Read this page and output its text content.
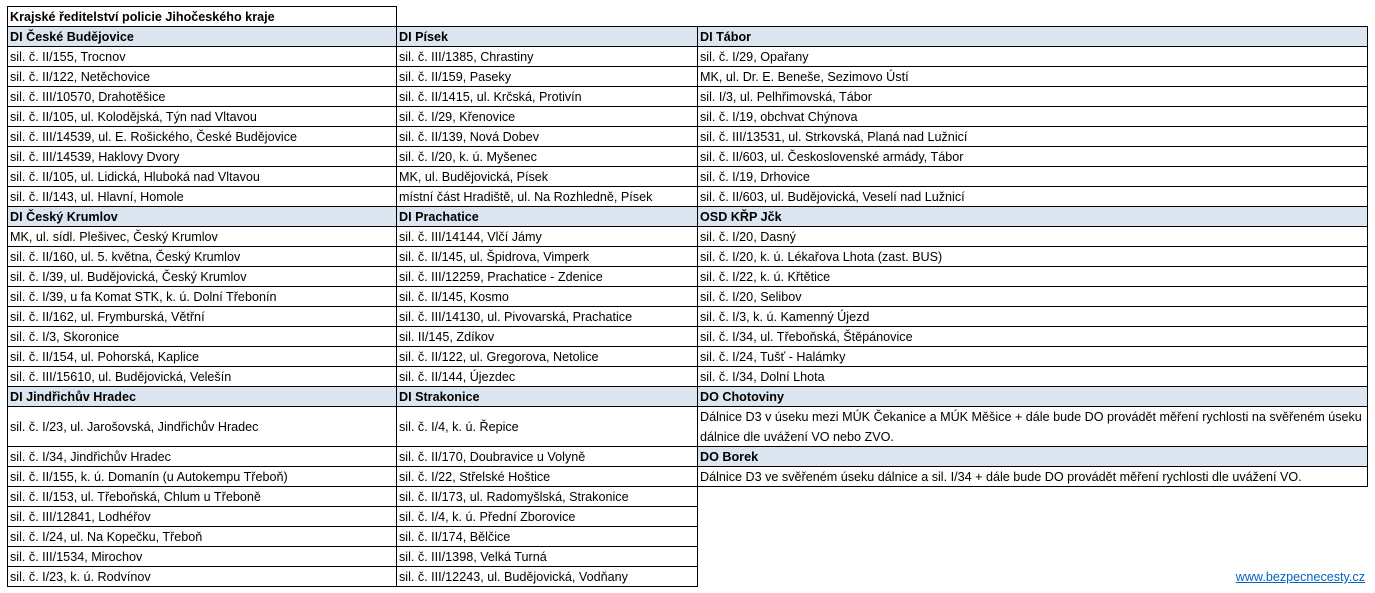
Krajské ředitelství policie Jihočeského kraje
DI České Budějovice
sil. č. II/155, Trocnov
sil. č. II/122, Netěchovice
sil. č. III/10570, Drahotěšice
sil. č. II/105, ul. Kolodějská, Týn nad Vltavou
sil. č. III/14539, ul. E. Rošického, České Budějovice
sil. č. III/14539, Haklovy Dvory
sil. č. II/105, ul. Lidická, Hluboká nad Vltavou
sil. č. II/143, ul. Hlavní, Homole
DI Český Krumlov
MK, ul. sídl. Plešivec, Český Krumlov
sil. č. II/160, ul. 5. května, Český Krumlov
sil. č. I/39, ul. Budějovická, Český Krumlov
sil. č. I/39, u fa Komat STK, k. ú. Dolní Třebonín
sil. č. II/162, ul. Frymburská, Větřní
sil. č. I/3, Skoronice
sil. č. II/154, ul. Pohorská, Kaplice
sil. č. III/15610, ul. Budějovická, Velešín
DI Jindřichův Hradec
sil. č. I/23, ul. Jarošovská, Jindřichův Hradec
sil. č. I/34, Jindřichův Hradec
sil. č. II/155, k. ú. Domanín (u Autokempu Třeboň)
sil. č. II/153, ul. Třeboňská, Chlum u Třeboně
sil. č. III/12841, Lodhéřov
sil. č. I/24, ul. Na Kopečku, Třeboň
sil. č. III/1534, Mirochov
sil. č. I/23, k. ú. Rodvínov
DI Písek
sil. č. III/1385, Chrastiny
sil. č. II/159, Paseky
sil. č. II/1415, ul. Krčská, Protivín
sil. č. I/29, Křenovice
sil. č. II/139, Nová Dobev
sil. č. I/20, k. ú. Myšenec
MK, ul. Budějovická, Písek
místní část Hradiště, ul. Na Rozhledně, Písek
DI Prachatice
sil. č. III/14144, Vlčí Jámy
sil. č. II/145, ul. Špidrova, Vimperk
sil. č. III/12259, Prachatice - Zdenice
sil. č. II/145, Kosmo
sil. č. III/14130, ul. Pivovarská, Prachatice
sil. II/145, Zdíkov
sil. č. II/122, ul. Gregorova, Netolice
sil. č. II/144, Újezdec
DI Strakonice
sil. č. I/4, k. ú. Řepice
sil. č. II/170, Doubravice u Volyně
sil. č. I/22, Střelské Hoštice
sil. č. II/173, ul. Radomyšlská, Strakonice
sil. č. I/4, k. ú. Přední Zborovice
sil. č. II/174, Bělčice
sil. č. III/1398, Velká Turná
sil. č. III/12243, ul. Budějovická, Vodňany
DI Tábor
sil. č. I/29, Opařany
MK, ul. Dr. E. Beneše, Sezimovo Ústí
sil. I/3, ul. Pelhřimovská, Tábor
sil. č. I/19, obchvat Chýnova
sil. č. III/13531, ul. Strkovská, Planá nad Lužnicí
sil. č. II/603, ul. Československé armády, Tábor
sil. č. I/19, Drhovice
sil. č. II/603, ul. Budějovická, Veselí nad Lužnicí
OSD KŘP Jčk
sil. č. I/20, Dasný
sil. č. I/20, k. ú. Lékařova Lhota (zast. BUS)
sil. č. I/22, k. ú. Křtětice
sil. č. I/20, Selibov
sil. č. I/3, k. ú. Kamenný Újezd
sil. č. I/34, ul. Třeboňská, Štěpánovice
sil. č. I/24, Tušť - Halámky
sil. č. I/34, Dolní Lhota
DO Chotoviny
Dálnice D3 v úseku mezi MÚK Čekanice a MÚK Měšice + dále bude DO provádět měření rychlosti na svěřeném úseku dálnice dle uvážení VO nebo ZVO.
DO Borek
Dálnice D3 ve svěřeném úseku dálnice a sil. I/34 + dále bude DO provádět měření rychlosti dle uvážení VO.
www.bezpecnecesty.cz
